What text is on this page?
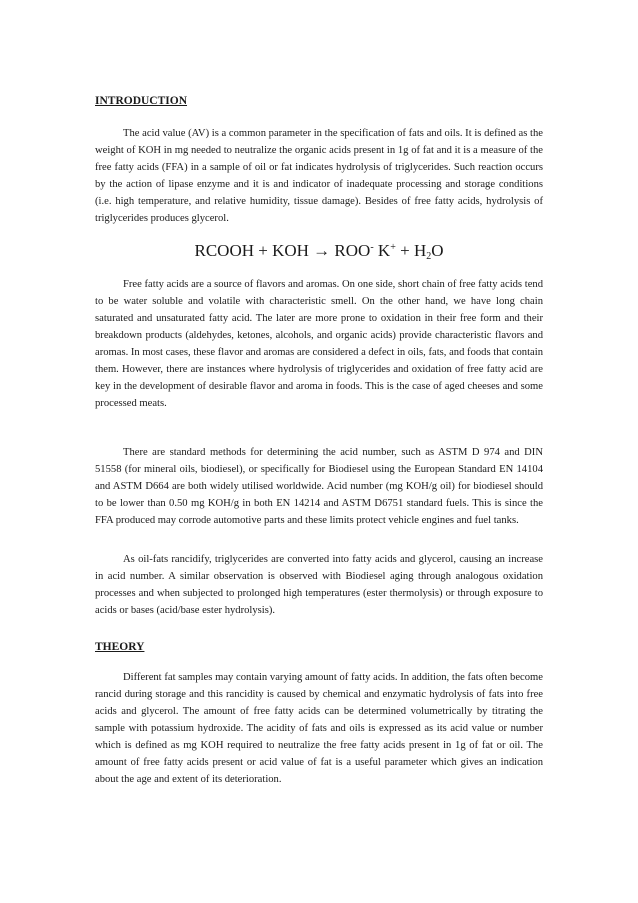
INTRODUCTION

The acid value (AV) is a common parameter in the specification of fats and oils. It is defined as the weight of KOH in mg needed to neutralize the organic acids present in 1g of fat and it is a measure of the free fatty acids (FFA) in a sample of oil or fat indicates hydrolysis of triglycerides. Such reaction occurs by the action of lipase enzyme and it is and indicator of inadequate processing and storage conditions (i.e. high temperature, and relative humidity, tissue damage). Besides of free fatty acids, hydrolysis of triglycerides produces glycerol.

RCOOH + KOH → ROO- $K^+ + H_2O$

Free fatty acids are a source of flavors and aromas. On one side, short chain of free fatty acids tend to be water soluble and volatile with characteristic smell. On the other hand, we have long chain saturated and unsaturated fatty acid. The later are more prone to oxidation in their free form and their breakdown products (aldehydes, ketones, alcohols, and organic acids) provide characteristic flavors and aromas. In most cases, these flavor and aromas are considered a defect in oils, fats, and foods that contain them. However, there are instances where hydrolysis of triglycerides and oxidation of free fatty acid are key in the development of desirable flavor and aroma in foods. This is the case of aged cheeses and some processed meats.

There are standard methods for determining the acid number, such as ASTM D 974 and DIN 51558 (for mineral oils, biodiesel), or specifically for Biodiesel using the European Standard EN 14104 and ASTM D664 are both widely utilised worldwide. Acid number (mg KOH/g oil) for biodiesel should to be lower than 0.50 mg KOH/g in both EN 14214 and ASTM D6751 standard fuels. This is since the FFA produced may corrode automotive parts and these limits protect vehicle engines and fuel tanks.

As oil-fats rancidify, triglycerides are converted into fatty acids and glycerol, causing an increase in acid number. A similar observation is observed with Biodiesel aging through analogous oxidation processes and when subjected to prolonged high temperatures (ester thermolysis) or through exposure to acids or bases (acid/base ester hydrolysis).

THEORY

Different fat samples may contain varying amount of fatty acids. In addition, the fats often become rancid during storage and this rancidity is caused by chemical and enzymatic hydrolysis of fats into free acids and glycerol. The amount of free fatty acids can be determined volumetrically by titrating the sample with potassium hydroxide. The acidity of fats and oils is expressed as its acid value or number which is defined as mg KOH required to neutralize the free fatty acids present in 1g of fat or oil. The amount of free fatty acids present or acid value of fat is a useful parameter which gives an indication about the age and extent of its deterioration.
